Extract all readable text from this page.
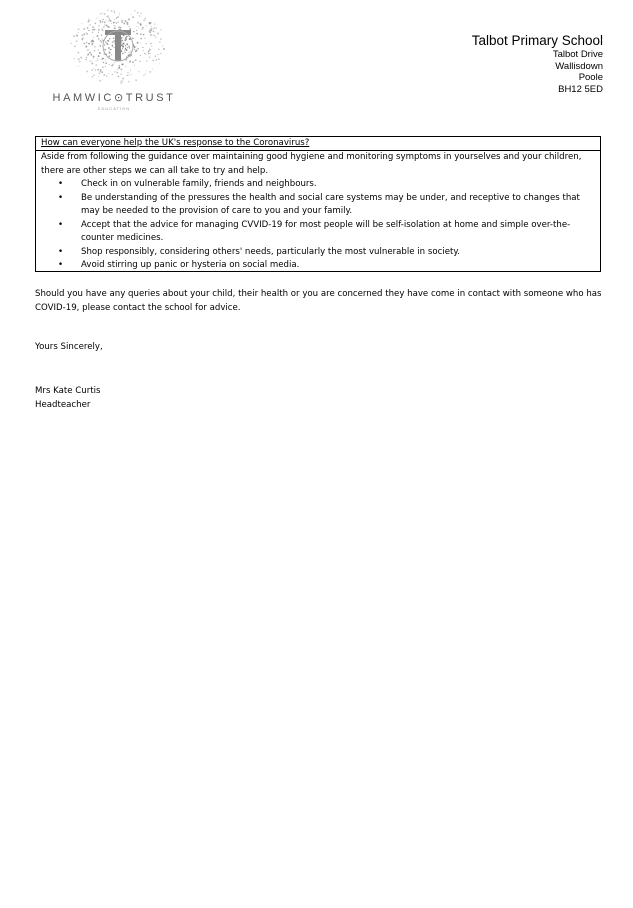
HAMWIC⊙TRUST
EDUCATION
Talbot Primary School
Talbot Drive
Wallisdown
Poole
BH12 5ED
How can everyone help the UK's response to the Coronavirus?

Aside from following the guidance over maintaining good hygiene and monitoring symptoms in yourselves and your children, there are other steps we can all take to try and help.

• Check in on vulnerable family, friends and neighbours.
• Be understanding of the pressures the health and social care systems may be under, and receptive to changes that may be needed to the provision of care to you and your family.
• Accept that the advice for managing CVVID-19 for most people will be self-isolation at home and simple over-the-counter medicines.
• Shop responsibly, considering others' needs, particularly the most vulnerable in society.
• Avoid stirring up panic or hysteria on social media.
Should you have any queries about your child, their health or you are concerned they have come in contact with someone who has COVID-19, please contact the school for advice.
Yours Sincerely,
Mrs Kate Curtis
Headteacher
